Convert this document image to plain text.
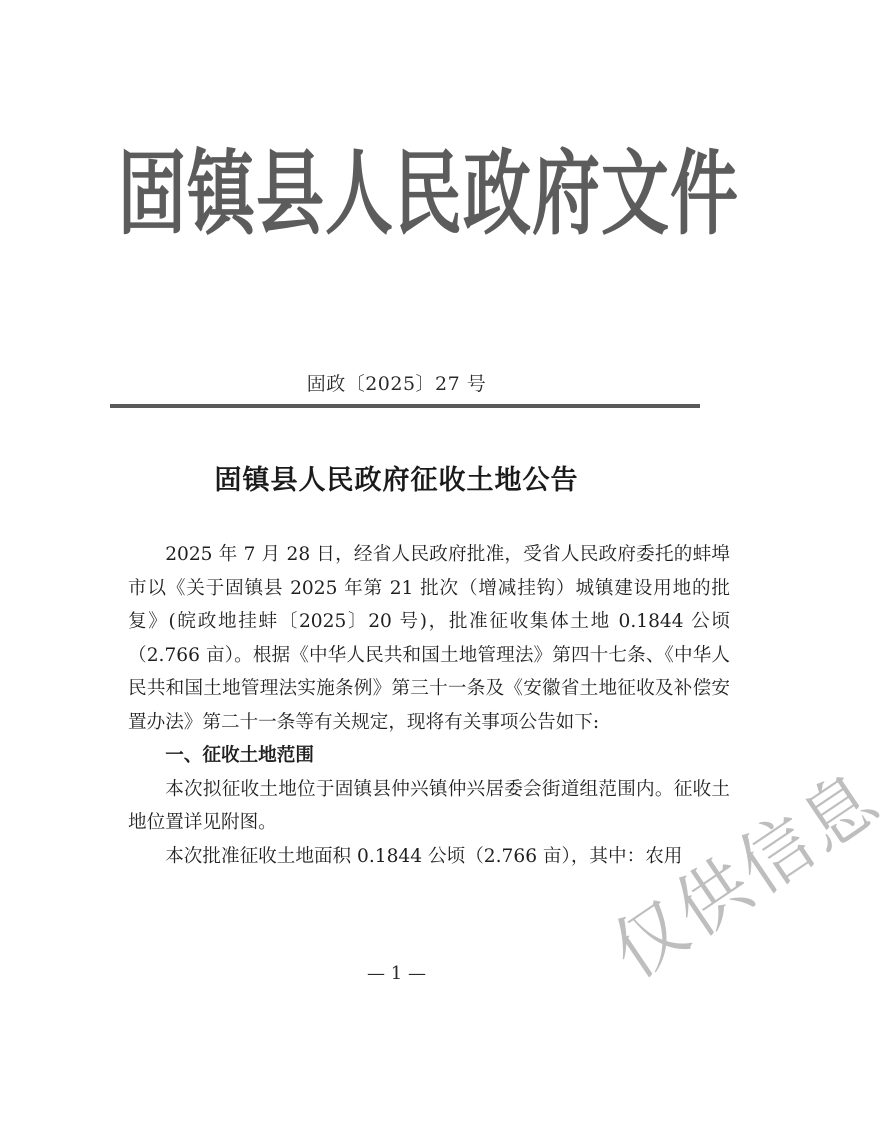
固镇县人民政府文件
固政〔2025〕27 号
固镇县人民政府征收土地公告

2025 年 7 月 28 日，经省人民政府批准，受省人民政府委托的蚌埠市以《关于固镇县 2025 年第 21 批次（增减挂钩）城镇建设用地的批复》(皖政地挂蚌〔2025〕20 号)，批准征收集体土地 0.1844 公顷（2.766 亩）。根据《中华人民共和国土地管理法》第四十七条、《中华人民共和国土地管理法实施条例》第三十一条及《安徽省土地征收及补偿安置办法》第二十一条等有关规定，现将有关事项公告如下:

一、征收土地范围

本次拟征收土地位于固镇县仲兴镇仲兴居委会街道组范围内。征收土地位置详见附图。

本次批准征收土地面积 0.1844 公顷（2.766 亩），其中：农用

— 1 —	仅供信息
